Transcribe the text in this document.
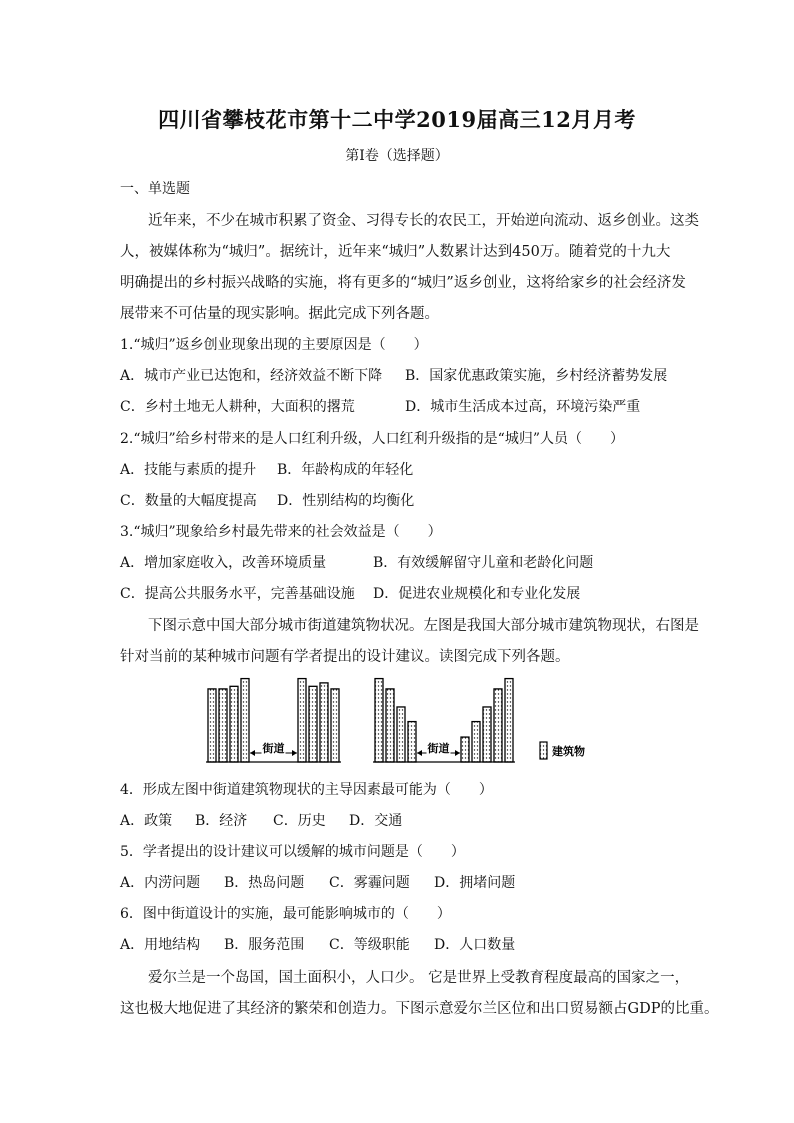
四川省攀枝花市第十二中学2019届高三12月月考
第Ⅰ卷（选择题）
一、单选题
近年来，不少在城市积累了资金、习得专长的农民工，开始逆向流动、返乡创业。这类
人，被媒体称为“城归”。据统计，近年来“城归”人数累计达到450万。随着党的十九大
明确提出的乡村振兴战略的实施，将有更多的“城归”返乡创业，这将给家乡的社会经济发
展带来不可估量的现实影响。据此完成下列各题。
1.“城归”返乡创业现象出现的主要原因是（　　）
A．城市产业已达饱和，经济效益不断下降 B．国家优惠政策实施，乡村经济蓄势发展
C．乡村土地无人耕种，大面积的撂荒	D．城市生活成本过高，环境污染严重
2.“城归”给乡村带来的是人口红利升级，人口红利升级指的是“城归”人员（　　）
A．技能与素质的提升 B．年龄构成的年轻化
C．数量的大幅度提高 D．性别结构的均衡化
3.“城归”现象给乡村最先带来的社会效益是（　　）
A．增加家庭收入，改善环境质量	B．有效缓解留守儿童和老龄化问题
C．提高公共服务水平，完善基础设施 D．促进农业规模化和专业化发展
下图示意中国大部分城市街道建筑物状况。左图是我国大部分城市建筑物现状，右图是
针对当前的某种城市问题有学者提出的设计建议。读图完成下列各题。
街道	街道	建筑物
4．形成左图中街道建筑物现状的主导因素最可能为（　　）
A．政策 B．经济 C．历史 D．交通
5．学者提出的设计建议可以缓解的城市问题是（　　）
A．内涝问题 B．热岛问题 C．雾霾问题 D．拥堵问题
6．图中街道设计的实施，最可能影响城市的（　　）
A．用地结构 B．服务范围 C．等级职能 D．人口数量
爱尔兰是一个岛国，国土面积小，人口少。 它是世界上受教育程度最高的国家之一，
这也极大地促进了其经济的繁荣和创造力。下图示意爱尔兰区位和出口贸易额占GDP的比重。
